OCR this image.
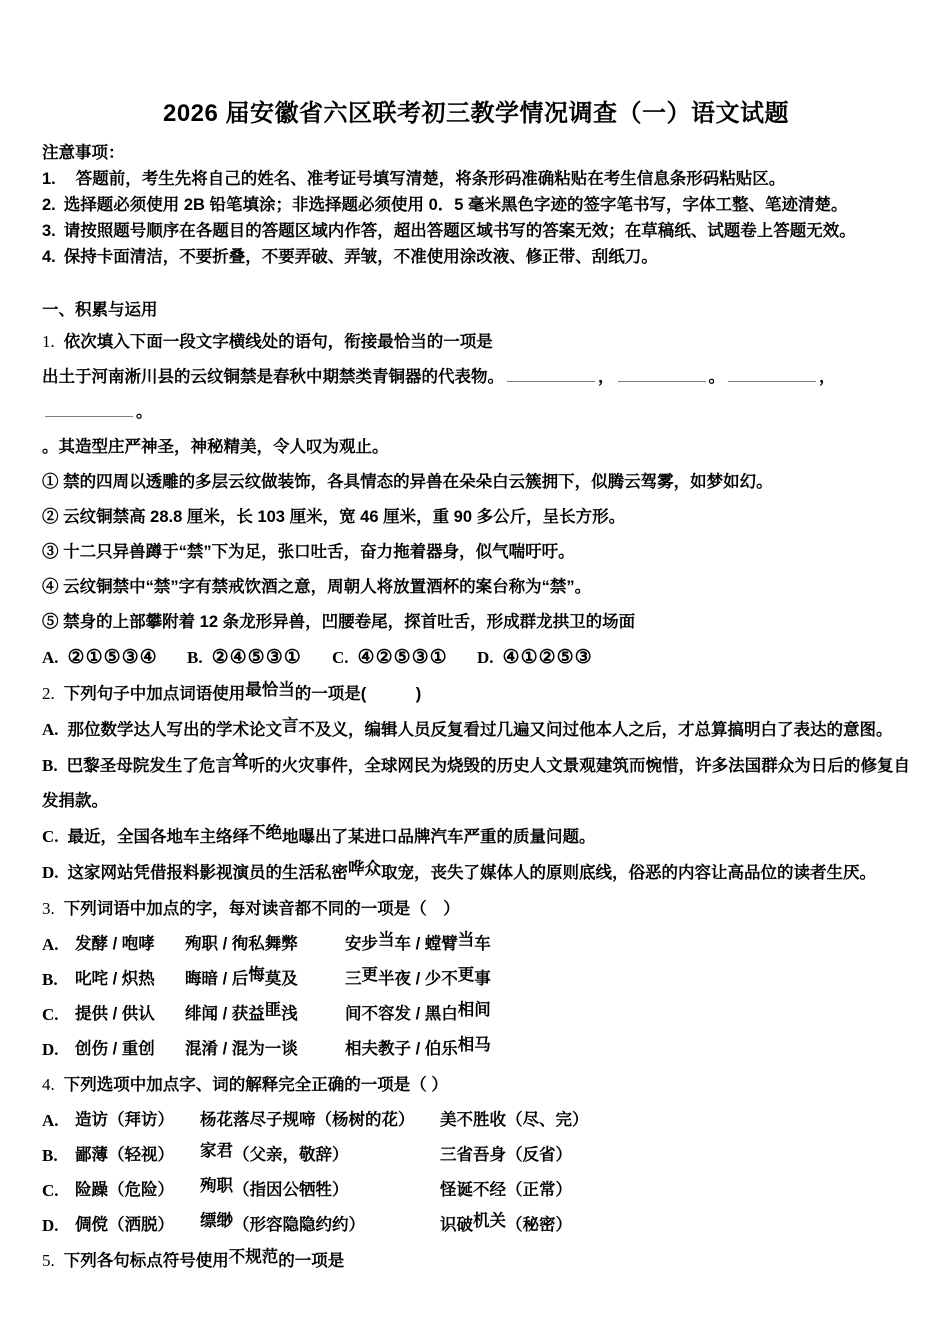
2026 届安徽省六区联考初三教学情况调查（一）语文试题

注意事项：

1. 答题前，考生先将自己的姓名、准考证号填写清楚，将条形码准确粘贴在考生信息条形码粘贴区。

2. 选择题必须使用 2B 铅笔填涂；非选择题必须使用 0．5 毫米黑色字迹的签字笔书写，字体工整、笔迹清楚。

3. 请按照题号顺序在各题目的答题区域内作答，超出答题区域书写的答案无效；在草稿纸、试题卷上答题无效。

4. 保持卡面清洁，不要折叠，不要弄破、弄皱，不准使用涂改液、修正带、刮纸刀。

一、积累与运用

1. 依次填入下面一段文字横线处的语句，衔接最恰当的一项是

出土于河南淅川县的云纹铜禁是春秋中期禁类青铜器的代表物。	，	。	，。

。其造型庄严神圣，神秘精美，令人叹为观止。

① 禁的四周以透雕的多层云纹做装饰，各具情态的异兽在朵朵白云簇拥下，似腾云驾雾，如梦如幻。

② 云纹铜禁高 28.8 厘米，长 103 厘米，宽 46 厘米，重 90 多公斤，呈长方形。

③ 十二只异兽蹲于“禁”下为足，张口吐舌，奋力拖着器身，似气喘吁吁。

④ 云纹铜禁中“禁”字有禁戒饮酒之意，周朝人将放置酒杯的案台称为“禁”。

⑤ 禁身的上部攀附着 12 条龙形异兽，凹腰卷尾，探首吐舌，形成群龙拱卫的场面

A. ②①⑤③④	B. ②④⑤③①	C. ④②⑤③①	D. ④①②⑤③

2. 下列句子中加点词语使用最恰当的一项是(　　　)

A. 那位数学达人写出的学术论文言不及义，编辑人员反复看过几遍又问过他本人之后，才总算搞明白了表达的意图。

B. 巴黎圣母院发生了危言耸听的火灾事件，全球网民为烧毁的历史人文景观建筑而惋惜，许多法国群众为日后的修复自发捐款。

C. 最近，全国各地车主络绎不绝地曝出了某进口品牌汽车严重的质量问题。

D. 这家网站凭借报料影视演员的生活私密哗众取宠，丧失了媒体人的原则底线，俗恶的内容让高品位的读者生厌。

3. 下列词语中加点的字，每对读音都不同的一项是（　）

A. 发酵 / 咆哮	殉职 / 徇私舞弊	安步当车 / 螳臂当车

B.	叱咤 / 炽热	晦暗 / 后悔莫及	三更半夜 / 少不更事

C. 提供 / 供认	绯闻 / 获益匪浅	间不容发 / 黑白相间

D. 创伤 / 重创	混淆 / 混为一谈	相夫教子 / 伯乐相马

4. 下列选项中加点字、词的解释完全正确的一项是（ ）

A. 造访（拜访）	杨花落尽子规啼（杨树的花）	美不胜收（尽、完）

B.	鄙薄（轻视）	家君（父亲，敬辞）	三省吾身（反省）

C. 险躁（危险）	殉职（指因公牺牲）	怪诞不经（正常）

D. 倜傥（洒脱）	缥缈（形容隐隐约约）	识破机关（秘密）

5. 下列各句标点符号使用不规范的一项是
